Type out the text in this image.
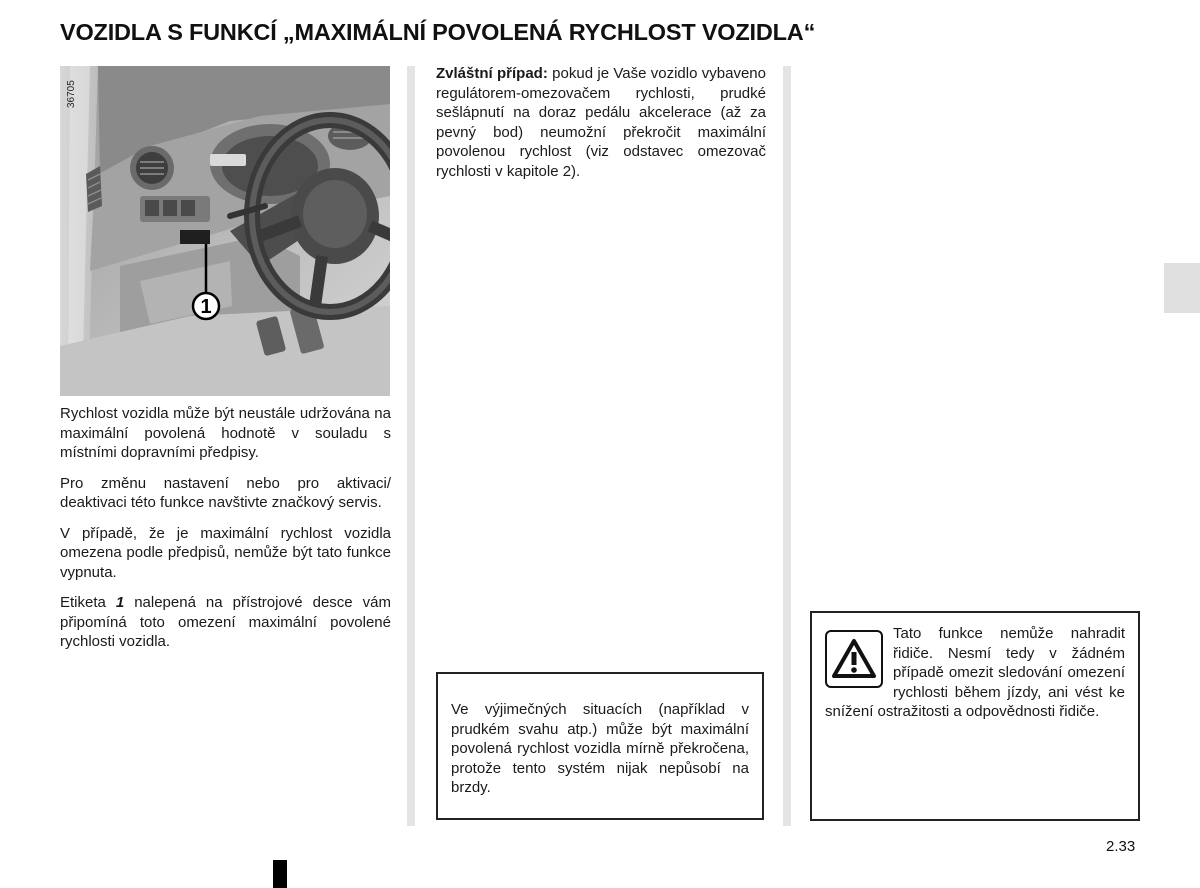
VOZIDLA S FUNKCÍ „MAXIMÁLNÍ POVOLENÁ RYCHLOST VOZIDLA“
1
36705

Rychlost vozidla může být neustále udržována na maximální povolená hodnotě v souladu s místními dopravními předpisy.

Pro změnu nastavení nebo pro aktivaci/ deaktivaci této funkce navštivte značkový servis.

V případě, že je maximální rychlost vozidla omezena podle předpisů, nemůže být tato funkce vypnuta.

Etiketa 1 nalepená na přístrojové desce vám připomíná toto omezení maximální povolené rychlosti vozidla.

Zvláštní případ: pokud je Vaše vozidlo vybaveno regulátorem-omezovačem rychlosti, prudké sešlápnutí na doraz pedálu akcelerace (až za pevný bod) neumožní překročit maximální povolenou rychlost (viz odstavec omezovač rychlosti v kapitole 2).

Ve výjimečných situacích (například v prudkém svahu atp.) může být maximální povolená rychlost vozidla mírně překročena, protože tento systém nijak nepůsobí na brzdy.

Tato funkce nemůže nahradit řidiče. Nesmí tedy v žádném případě omezit sledování omezení rychlosti během jízdy, ani vést ke snížení ostražitosti a odpovědnosti řidiče.

2.33
